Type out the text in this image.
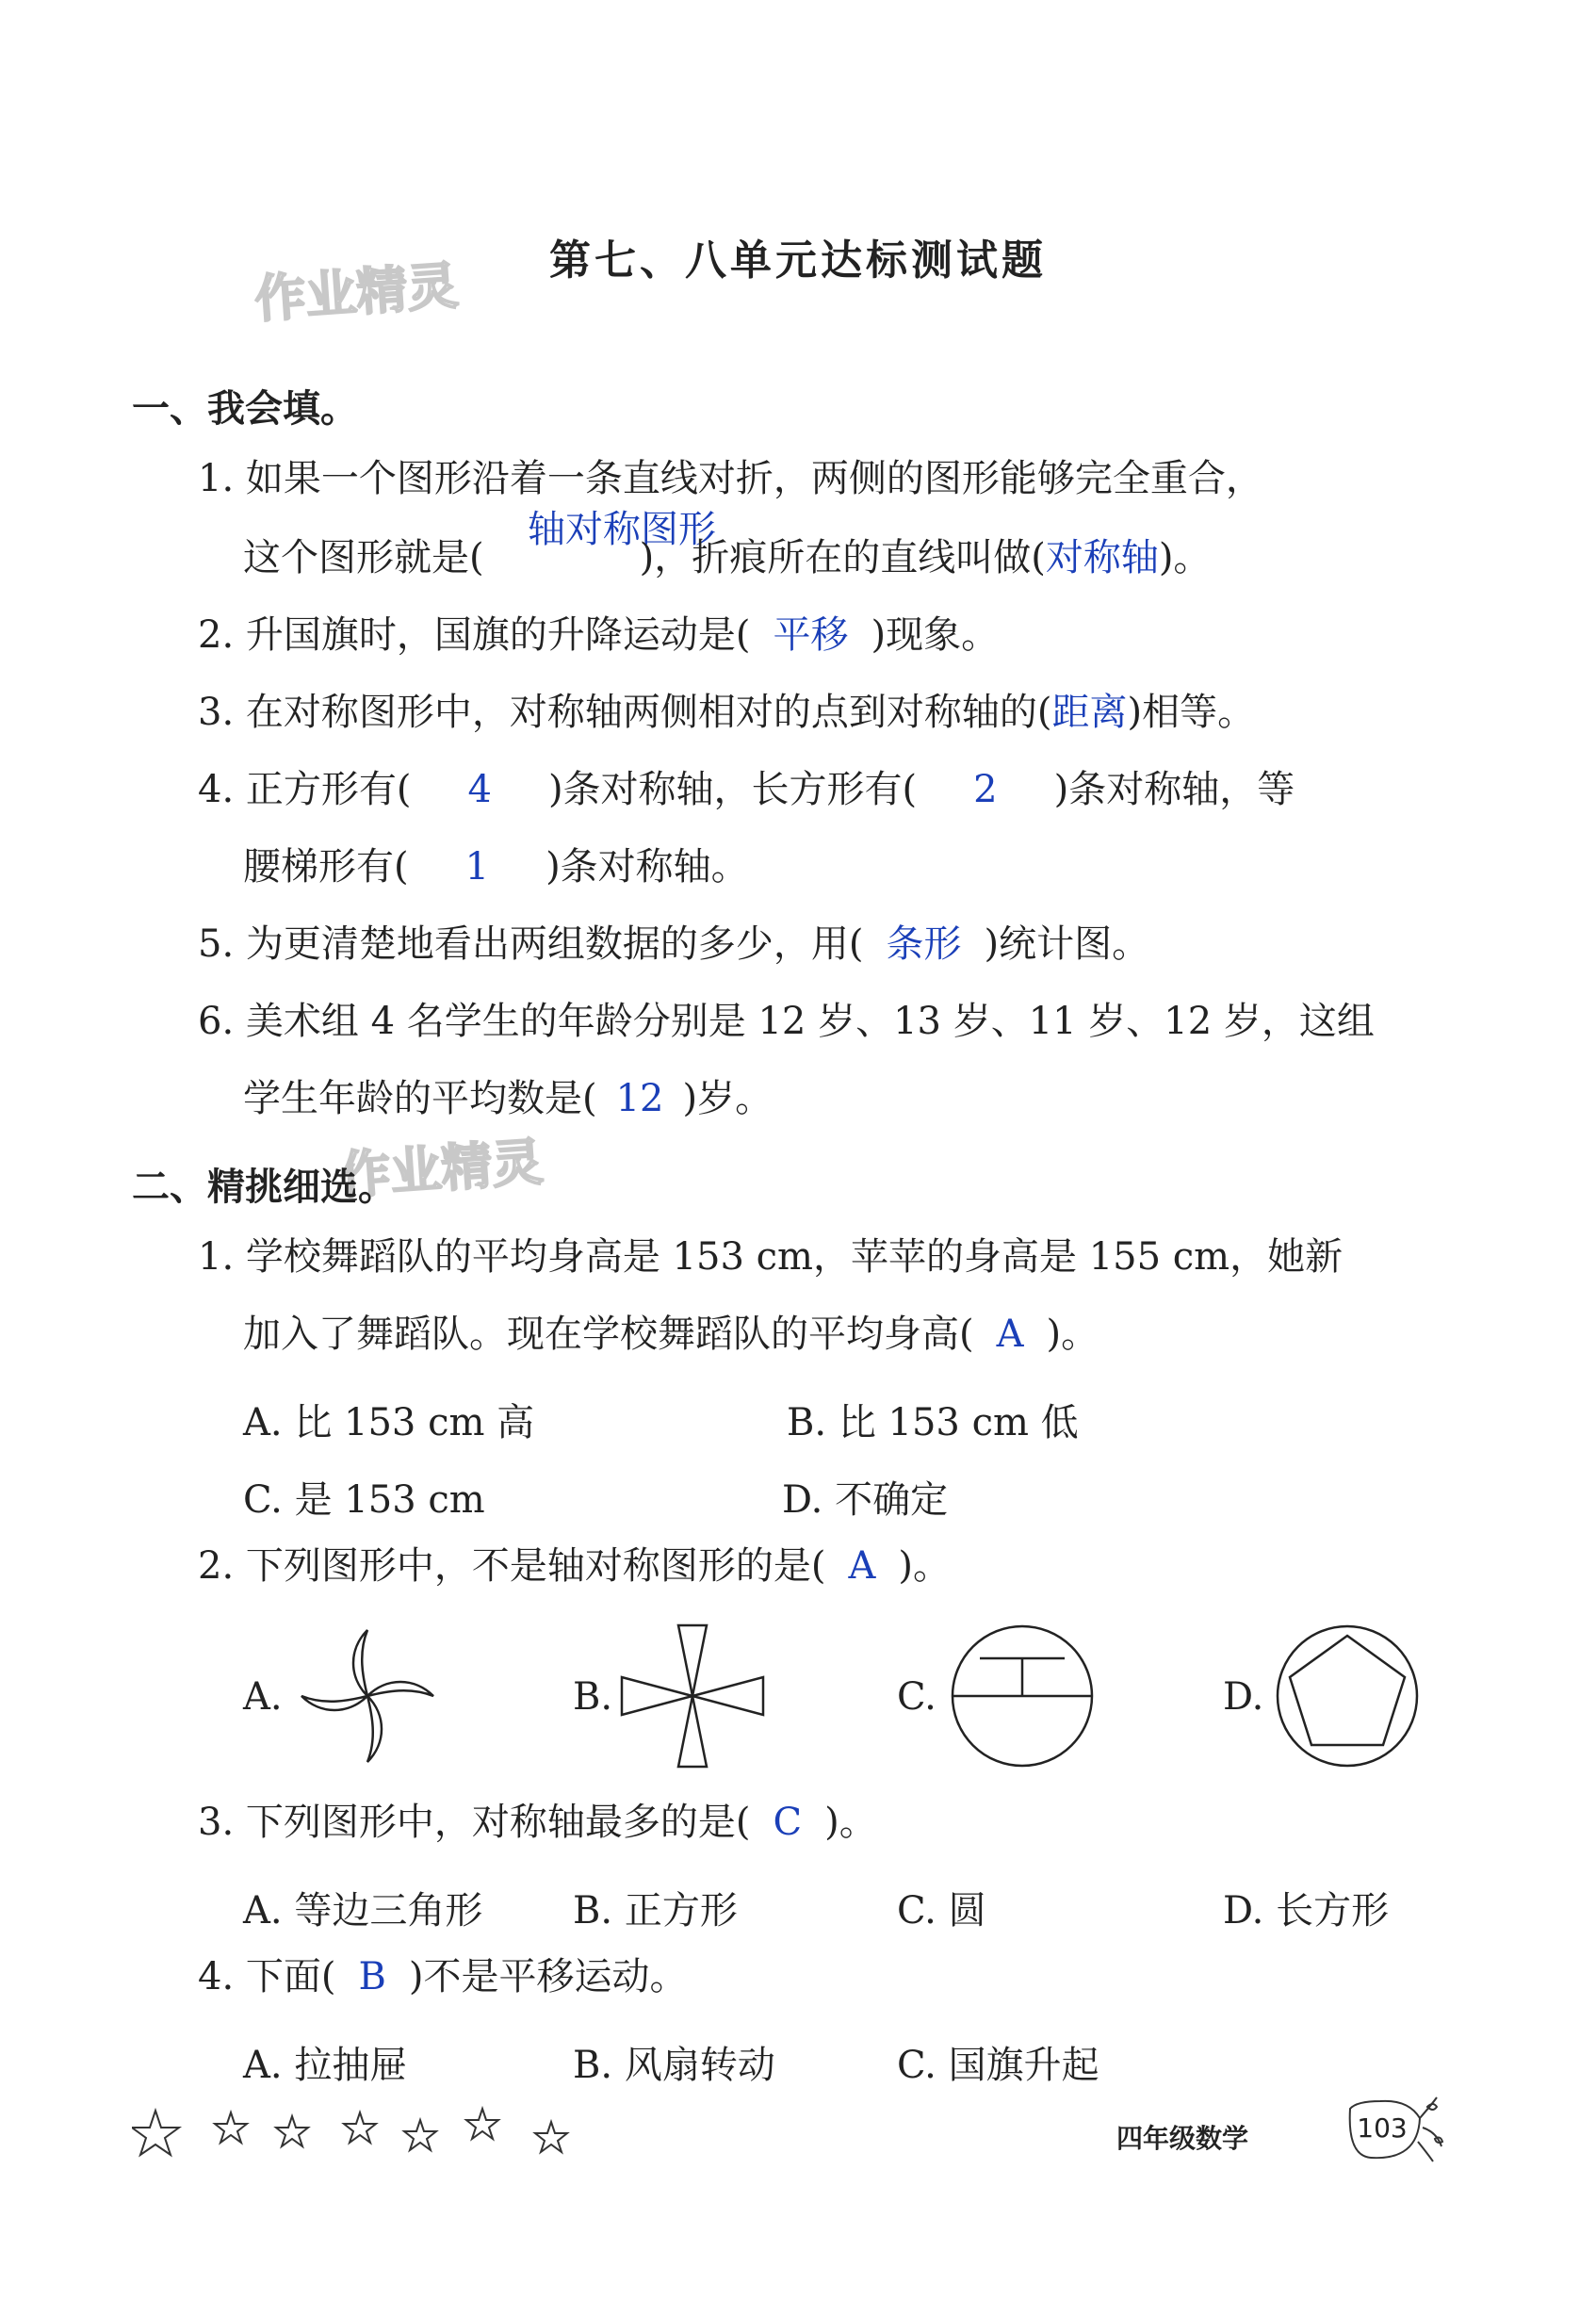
作业精灵
作业精灵
第七、八单元达标测试题
一、我会填。
1. 如果一个图形沿着一条直线对折，两侧的图形能够完全重合，
轴对称图形
这个图形就是(	)，折痕所在的直线叫做(对称轴)。
2. 升国旗时，国旗的升降运动是( 平移 )现象。
3. 在对称图形中，对称轴两侧相对的点到对称轴的(距离)相等。
4. 正方形有( 4 )条对称轴，长方形有( 2 )条对称轴，等
腰梯形有( 1 )条对称轴。
5. 为更清楚地看出两组数据的多少，用( 条形 )统计图。
6. 美术组 4 名学生的年龄分别是 12 岁、13 岁、11 岁、12 岁，这组
学生年龄的平均数是( 12 )岁。
二、精挑细选。
1. 学校舞蹈队的平均身高是 153 cm，苹苹的身高是 155 cm，她新
加入了舞蹈队。现在学校舞蹈队的平均身高( A )。
A. 比 153 cm 高	B. 比 153 cm 低
C. 是 153 cm	D. 不确定
2. 下列图形中，不是轴对称图形的是( A )。
A.	B.	C.	D.
3. 下列图形中，对称轴最多的是( C )。
A. 等边三角形 B. 正方形	C. 圆	D. 长方形
4. 下面( B )不是平移运动。
A. 拉抽屉	B. 风扇转动	C. 国旗升起
四年级数学	103
